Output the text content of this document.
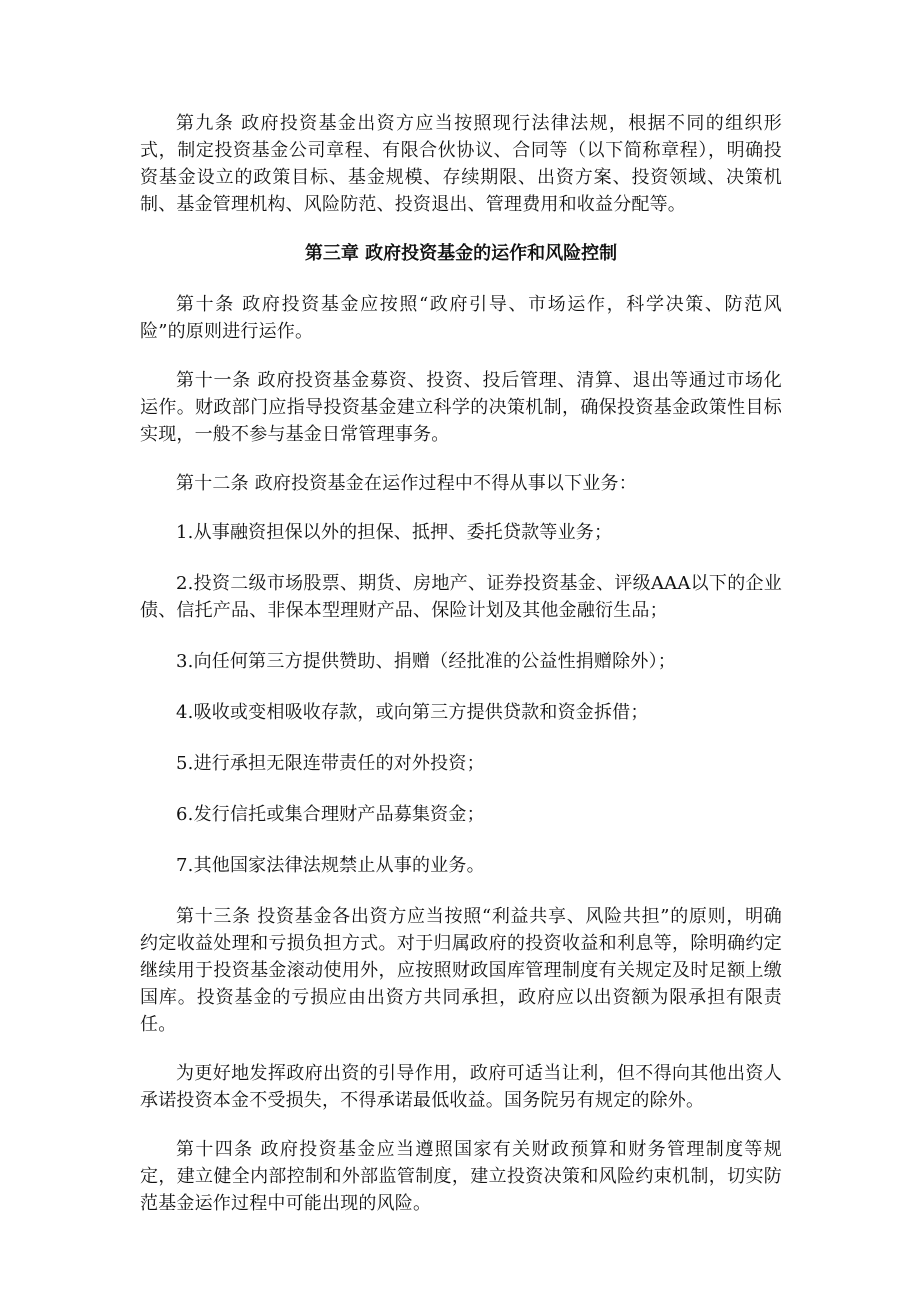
第九条 政府投资基金出资方应当按照现行法律法规，根据不同的组织形式，制定投资基金公司章程、有限合伙协议、合同等（以下简称章程），明确投资基金设立的政策目标、基金规模、存续期限、出资方案、投资领域、决策机制、基金管理机构、风险防范、投资退出、管理费用和收益分配等。

第三章 政府投资基金的运作和风险控制

第十条 政府投资基金应按照“政府引导、市场运作，科学决策、防范风险”的原则进行运作。

第十一条 政府投资基金募资、投资、投后管理、清算、退出等通过市场化运作。财政部门应指导投资基金建立科学的决策机制，确保投资基金政策性目标实现，一般不参与基金日常管理事务。

第十二条 政府投资基金在运作过程中不得从事以下业务：

1.从事融资担保以外的担保、抵押、委托贷款等业务；

2.投资二级市场股票、期货、房地产、证券投资基金、评级AAA以下的企业债、信托产品、非保本型理财产品、保险计划及其他金融衍生品；

3.向任何第三方提供赞助、捐赠（经批准的公益性捐赠除外）；

4.吸收或变相吸收存款，或向第三方提供贷款和资金拆借；

5.进行承担无限连带责任的对外投资；

6.发行信托或集合理财产品募集资金；

7.其他国家法律法规禁止从事的业务。

第十三条 投资基金各出资方应当按照“利益共享、风险共担”的原则，明确约定收益处理和亏损负担方式。对于归属政府的投资收益和利息等，除明确约定继续用于投资基金滚动使用外，应按照财政国库管理制度有关规定及时足额上缴国库。投资基金的亏损应由出资方共同承担，政府应以出资额为限承担有限责任。

为更好地发挥政府出资的引导作用，政府可适当让利，但不得向其他出资人承诺投资本金不受损失，不得承诺最低收益。国务院另有规定的除外。

第十四条 政府投资基金应当遵照国家有关财政预算和财务管理制度等规定，建立健全内部控制和外部监管制度，建立投资决策和风险约束机制，切实防范基金运作过程中可能出现的风险。
